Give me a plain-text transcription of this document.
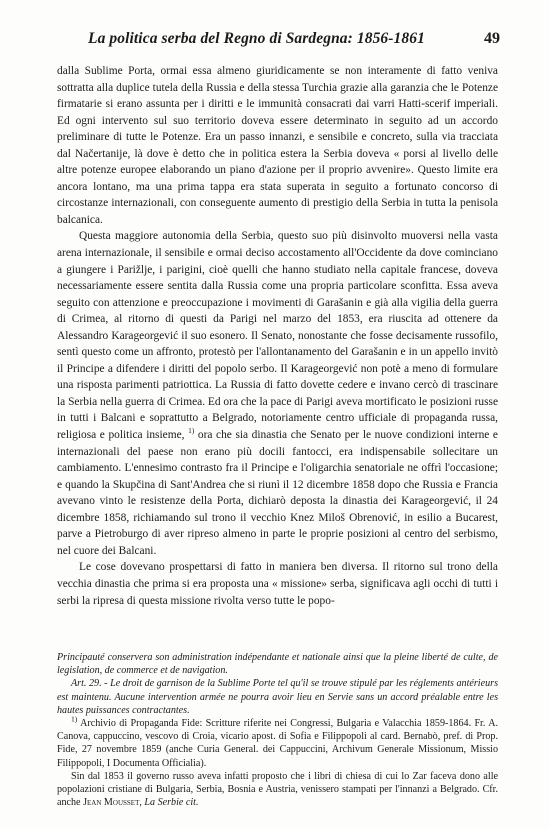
La politica serba del Regno di Sardegna: 1856-1861	49

dalla Sublime Porta, ormai essa almeno giuridicamente se non interamente di fatto veniva sottratta alla duplice tutela della Russia e della stessa Turchia grazie alla garanzia che le Potenze firmatarie si erano assunta per i diritti e le immunità consacrati dai varri Hatti-scerif imperiali. Ed ogni intervento sul suo territorio doveva essere determinato in seguito ad un accordo preliminare di tutte le Potenze. Era un passo innanzi, e sensibile e concreto, sulla via tracciata dal Načertanije, là dove è detto che in politica estera la Serbia doveva « porsi al livello delle altre potenze europee elaborando un piano d'azione per il proprio avvenire». Questo limite era ancora lontano, ma una prima tappa era stata superata in seguito a fortunato concorso di circostanze internazionali, con conseguente aumento di prestigio della Serbia in tutta la penisola balcanica.

Questa maggiore autonomia della Serbia, questo suo più disinvolto muoversi nella vasta arena internazionale, il sensibile e ormai deciso accostamento all'Occidente da dove cominciano a giungere i Parižlje, i parigini, cioè quelli che hanno studiato nella capitale francese, doveva necessariamente essere sentita dalla Russia come una propria particolare sconfitta. Essa aveva seguito con attenzione e preoccupazione i movimenti di Garašanin e già alla vigilia della guerra di Crimea, al ritorno di questi da Parigi nel marzo del 1853, era riuscita ad ottenere da Alessandro Karageorgević il suo esonero. Il Senato, nonostante che fosse decisamente russofilo, sentì questo come un affronto, protestò per l'allontanamento del Garašanin e in un appello invitò il Principe a difendere i diritti del popolo serbo. Il Karageorgević non potè a meno di formulare una risposta parimenti patriottica. La Russia di fatto dovette cedere e invano cercò di trascinare la Serbia nella guerra di Crimea. Ed ora che la pace di Parigi aveva mortificato le posizioni russe in tutti i Balcani e soprattutto a Belgrado, notoriamente centro ufficiale di propaganda russa, religiosa e politica insieme, $^{1)}$ ora che sia dinastia che Senato per le nuove condizioni interne e internazionali del paese non erano più docili fantocci, era indispensabile sollecitare un cambiamento. L'ennesimo contrasto fra il Principe e l'oligarchia senatoriale ne offrì l'occasione; e quando la Skupčina di Sant'Andrea che si riunì il 12 dicembre 1858 dopo che Russia e Francia avevano vinto le resistenze della Porta, dichiarò deposta la dinastia dei Karageorgević, il 24 dicembre 1858, richiamando sul trono il vecchio Knez Miloš Obrenović, in esilio a Bucarest, parve a Pietroburgo di aver ripreso almeno in parte le proprie posizioni al centro del serbismo, nel cuore dei Balcani.

Le cose dovevano prospettarsi di fatto in maniera ben diversa. Il ritorno sul trono della vecchia dinastia che prima si era proposta una « missione» serba, significava agli occhi di tutti i serbi la ripresa di questa missione rivolta verso tutte le popo-

Principauté conservera son administration indépendante et nationale ainsi que la pleine liberté de culte, de legislation, de commerce et de navigation.

Art. 29. - Le droit de garnison de la Sublime Porte tel qu'il se trouve stipulé par les réglements antérieurs est maintenu. Aucune intervention armée ne pourra avoir lieu en Servie sans un accord préalable entre les hautes puissances contractantes.

$^{1)}$ Archivio di Propaganda Fide: Scritture riferite nei Congressi, Bulgaria e Valacchia 1859-1864. Fr. A. Canova, cappuccino, vescovo di Croia, vicario apost. di Sofia e Filippopoli al card. Bernabò, pref. di Prop. Fide, 27 novembre 1859 (anche Curia General. dei Cappuccini, Archivum Generale Missionum, Missio Filippopoli, I Documenta Officialia).

Sin dal 1853 il governo russo aveva infatti proposto che i libri di chiesa di cui lo Zar faceva dono alle popolazioni cristiane di Bulgaria, Serbia, Bosnia e Austria, venissero stampati per l'innanzi a Belgrado. Cfr. anche Jean Mousset, La Serbie cit.
